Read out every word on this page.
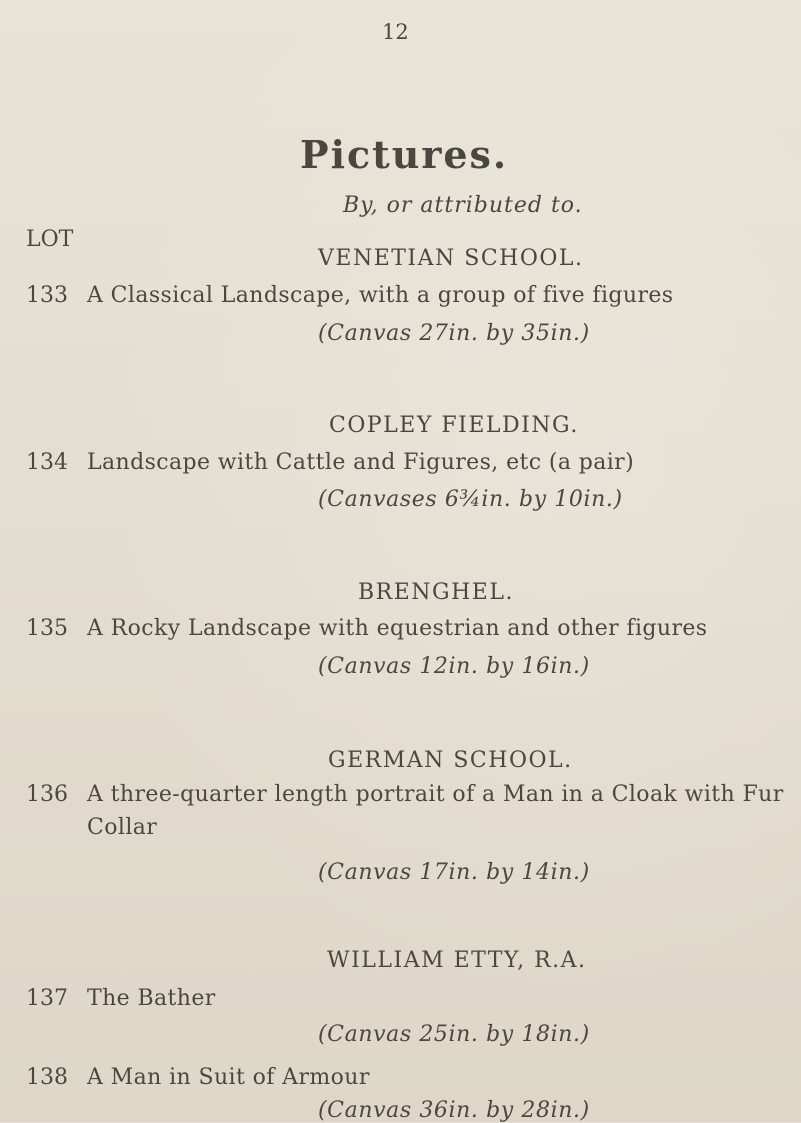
12
Pictures.
By, or attributed to.
LOT
VENETIAN SCHOOL.
133 A Classical Landscape, with a group of five figures
(Canvas 27in. by 35in.)
COPLEY FIELDING.
134 Landscape with Cattle and Figures, etc (a pair)
(Canvases 6¾in. by 10in.)
BRENGHEL.
135 A Rocky Landscape with equestrian and other figures
(Canvas 12in. by 16in.)
GERMAN SCHOOL.
136 A three-quarter length portrait of a Man in a Cloak with Fur
Collar
(Canvas 17in. by 14in.)
WILLIAM ETTY, R.A.
137 The Bather
(Canvas 25in. by 18in.)
138 A Man in Suit of Armour
(Canvas 36in. by 28in.)
